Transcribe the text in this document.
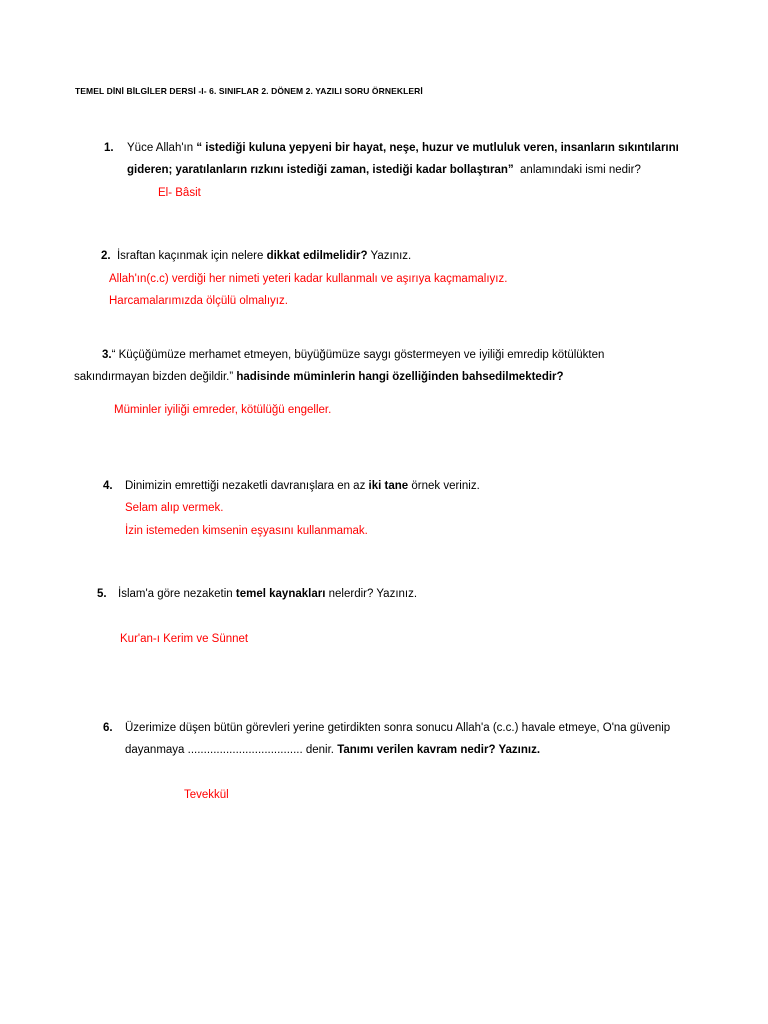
TEMEL DİNİ BİLGİLER DERSİ -I- 6. SINIFLAR 2. DÖNEM 2. YAZILI SORU ÖRNEKLERİ
1. Yüce Allah'ın “ istediği kuluna yepyeni bir hayat, neşe, huzur ve mutluluk veren, insanların sıkıntılarını
gideren; yaratılanların rızkını istediği zaman, istediği kadar bollaştıran” anlamındaki ismi nedir?
El- Bâsit
2. İsraftan kaçınmak için nelere dikkat edilmelidir? Yazınız.
Allah'ın(c.c) verdiği her nimeti yeteri kadar kullanmalı ve aşırıya kaçmamalıyız.
Harcamalarımızda ölçülü olmalıyız.
3.“ Küçüğümüze merhamet etmeyen, büyüğümüze saygı göstermeyen ve iyiliği emredip kötülükten
sakındırmayan bizden değildir.” hadisinde müminlerin hangi özelliğinden bahsedilmektedir?
Müminler iyiliği emreder, kötülüğü engeller.
4. Dinimizin emrettiği nezaketli davranışlara en az iki tane örnek veriniz.
Selam alıp vermek.
İzin istemeden kimsenin eşyasını kullanmamak.
5. İslam'a göre nezaketin temel kaynakları nelerdir? Yazınız.
Kur'an-ı Kerim ve Sünnet
6. Üzerimize düşen bütün görevleri yerine getirdikten sonra sonucu Allah'a (c.c.) havale etmeye, O'na güvenip
dayanmaya .................................... denir. Tanımı verilen kavram nedir? Yazınız.
Tevekkül
